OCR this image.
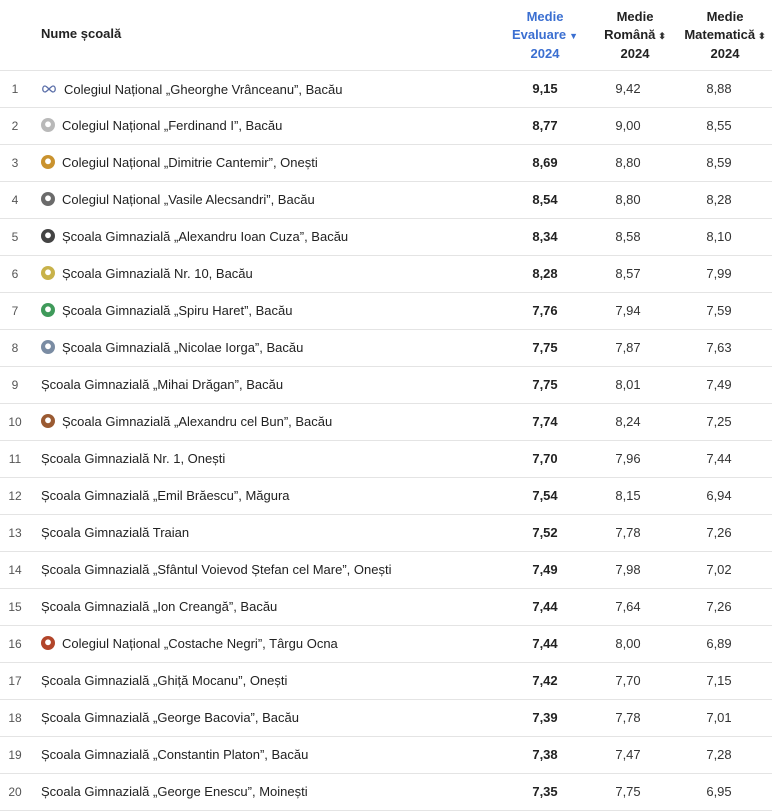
Nume școală
Medie
Evaluare ▼
2024
Medie
Română ⬍
2024
Medie
Matematică ⬍
2024
1	Colegiul Național „Gheorghe Vrânceanu”, Bacău	9,15	9,42	8,88
2	Colegiul Național „Ferdinand I”, Bacău	8,77	9,00	8,55
3	Colegiul Național „Dimitrie Cantemir”, Onești	8,69	8,80	8,59
4	Colegiul Național „Vasile Alecsandri”, Bacău	8,54	8,80	8,28
5	Școala Gimnazială „Alexandru Ioan Cuza”, Bacău	8,34	8,58	8,10
6	Școala Gimnazială Nr. 10, Bacău	8,28	8,57	7,99
7	Școala Gimnazială „Spiru Haret”, Bacău	7,76	7,94	7,59
8	Școala Gimnazială „Nicolae Iorga”, Bacău	7,75	7,87	7,63
9	Școala Gimnazială „Mihai Drăgan”, Bacău	7,75	8,01	7,49
10	Școala Gimnazială „Alexandru cel Bun”, Bacău	7,74	8,24	7,25
11	Școala Gimnazială Nr. 1, Onești	7,70	7,96	7,44
12	Școala Gimnazială „Emil Brăescu”, Măgura	7,54	8,15	6,94
13	Școala Gimnazială Traian	7,52	7,78	7,26
14	Școala Gimnazială „Sfântul Voievod Ștefan cel Mare”, Onești	7,49	7,98	7,02
15	Școala Gimnazială „Ion Creangă”, Bacău	7,44	7,64	7,26
16	Colegiul Național „Costache Negri”, Târgu Ocna	7,44	8,00	6,89
17	Școala Gimnazială „Ghiță Mocanu”, Onești	7,42	7,70	7,15
18	Școala Gimnazială „George Bacovia”, Bacău	7,39	7,78	7,01
19	Școala Gimnazială „Constantin Platon”, Bacău	7,38	7,47	7,28
20	Școala Gimnazială „George Enescu”, Moinești	7,35	7,75	6,95
